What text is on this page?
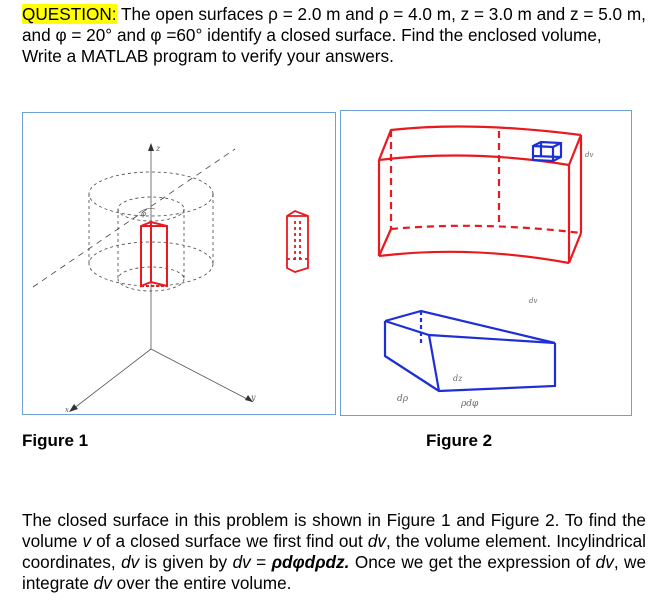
QUESTION: The open surfaces ρ = 2.0 m and ρ = 4.0 m, z = 3.0 m and z = 5.0 m, and φ = 20° and φ =60° identify a closed surface. Find the enclosed volume, Write a MATLAB program to verify your answers.

z
y
x
φ
dv
dv
dz
dρ	ρdφ

Figure 1	Figure 2

The closed surface in this problem is shown in Figure 1 and Figure 2. To find the volume v of a closed surface we first find out dv, the volume element. Incylindrical coordinates, dv is given by dv = ρdφdρdz. Once we get the expression of dv, we integrate dv over the entire volume.
